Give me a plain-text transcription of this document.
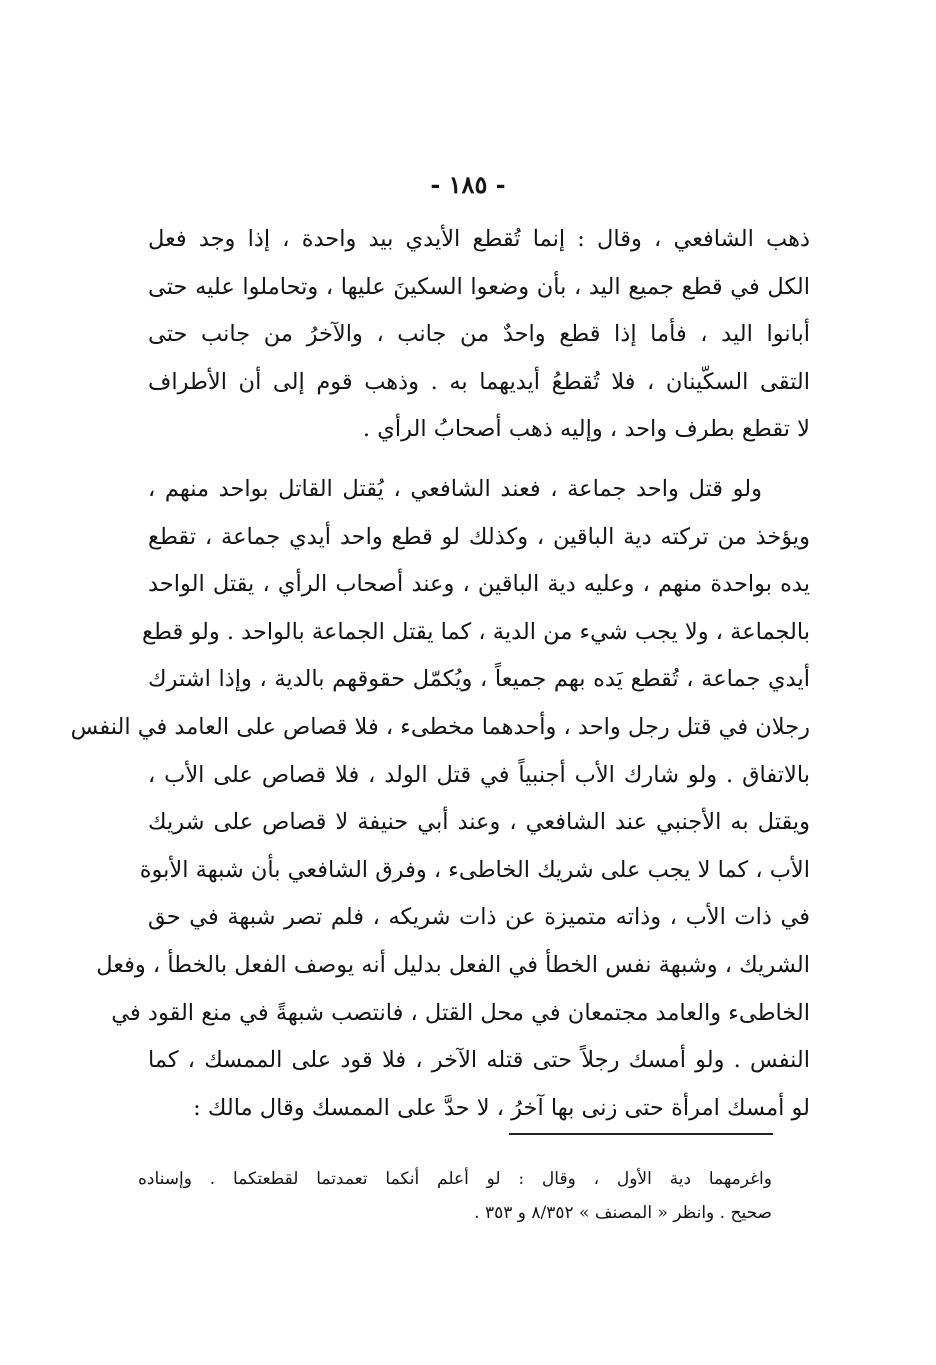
- ١٨٥ -
ذهب الشافعي ، وقال : إنما تُقطع الأيدي بيد واحدة ، إذا وجد فعل
الكل في قطع جميع اليد ، بأن وضعوا السكينَ عليها ، وتحاملوا عليه حتى
أبانوا اليد ، فأما إذا قطع واحدٌ من جانب ، والآخرُ من جانب حتى
التقى السكّينان ، فلا تُقطعُ أيديهما به . وذهب قوم إلى أن الأطراف
لا تقطع بطرف واحد ، وإليه ذهب أصحابُ الرأي .
ولو قتل واحد جماعة ، فعند الشافعي ، يُقتل القاتل بواحد منهم ،
ويؤخذ من تركته دية الباقين ، وكذلك لو قطع واحد أيدي جماعة ، تقطع
يده بواحدة منهم ، وعليه دية الباقين ، وعند أصحاب الرأي ، يقتل الواحد
بالجماعة ، ولا يجب شيء من الدية ، كما يقتل الجماعة بالواحد . ولو قطع
أيدي جماعة ، تُقطع يَده بهم جميعاً ، ويُكمّل حقوقهم بالدية ، وإذا اشترك
رجلان في قتل رجل واحد ، وأحدهما مخطىء ، فلا قصاص على العامد في النفس
بالاتفاق . ولو شارك الأب أجنبياً في قتل الولد ، فلا قصاص على الأب ،
ويقتل به الأجنبي عند الشافعي ، وعند أبي حنيفة لا قصاص على شريك
الأب ، كما لا يجب على شريك الخاطىء ، وفرق الشافعي بأن شبهة الأبوة
في ذات الأب ، وذاته متميزة عن ذات شريكه ، فلم تصر شبهة في حق
الشريك ، وشبهة نفس الخطأ في الفعل بدليل أنه يوصف الفعل بالخطأ ، وفعل
الخاطىء والعامد مجتمعان في محل القتل ، فانتصب شبهةً في منع القود في
النفس . ولو أمسك رجلاً حتى قتله الآخر ، فلا قود على الممسك ، كما
لو أمسك امرأة حتى زنى بها آخرُ ، لا حدَّ على الممسك وقال مالك :
واغرمهما دية الأول ، وقال : لو أعلم أنكما تعمدتما لقطعتكما . وإسناده
صحيح . وانظر « المصنف » ٨/٣٥٢ و ٣٥٣ .
